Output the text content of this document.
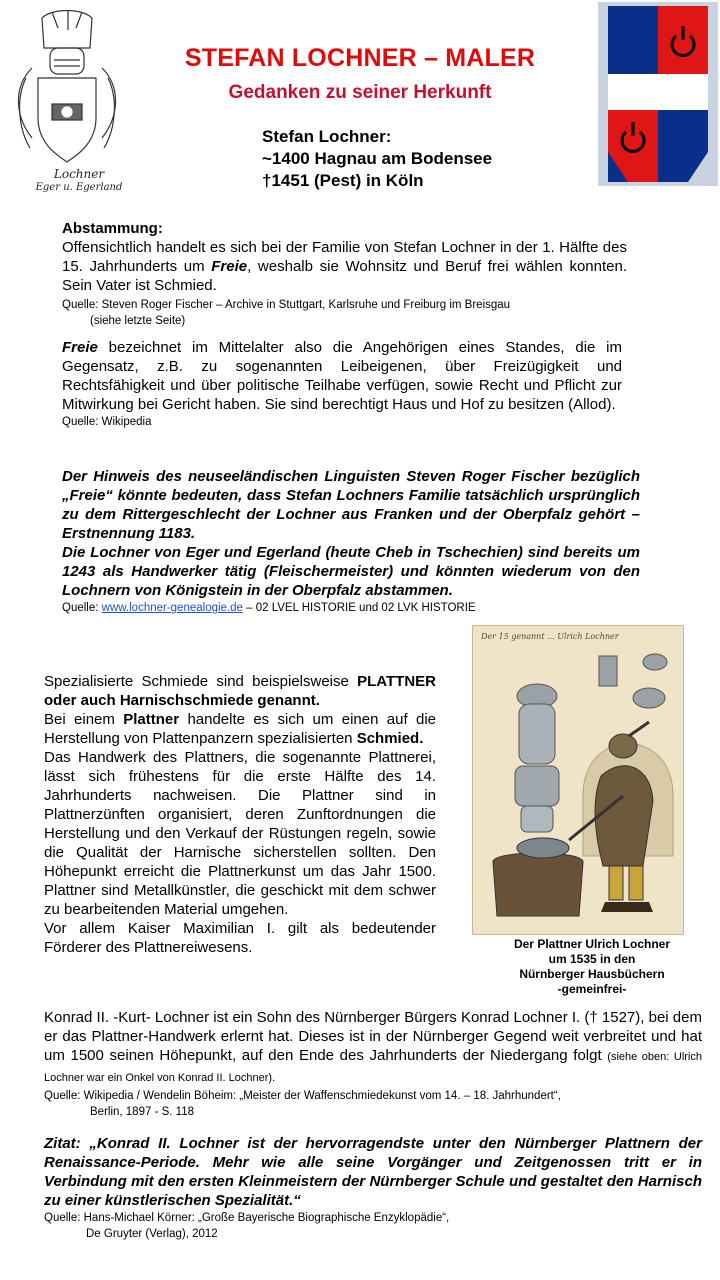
Lochner
Eger u. Egerland
STEFAN LOCHNER – MALER
Gedanken zu seiner Herkunft
Stefan Lochner:
~1400 Hagnau am Bodensee
†1451 (Pest) in Köln
Abstammung:
Offensichtlich handelt es sich bei der Familie von Stefan Lochner in der 1. Hälfte des 15. Jahrhunderts um Freie, weshalb sie Wohnsitz und Beruf frei wählen konnten. Sein Vater ist Schmied.
Quelle: Steven Roger Fischer – Archive in Stuttgart, Karlsruhe und Freiburg im Breisgau
(siehe letzte Seite)
Freie bezeichnet im Mittelalter also die Angehörigen eines Standes, die im Gegensatz, z.B. zu sogenannten Leibeigenen, über Freizügigkeit und Rechtsfähigkeit und über politische Teilhabe verfügen, sowie Recht und Pflicht zur Mitwirkung bei Gericht haben. Sie sind berechtigt Haus und Hof zu besitzen (Allod).
Quelle: Wikipedia
Der Hinweis des neuseeländischen Linguisten Steven Roger Fischer bezüglich „Freie“ könnte bedeuten, dass Stefan Lochners Familie tatsächlich ursprünglich zu dem Rittergeschlecht der Lochner aus Franken und der Oberpfalz gehört – Erstnennung 1183.
Die Lochner von Eger und Egerland (heute Cheb in Tschechien) sind bereits um 1243 als Handwerker tätig (Fleischermeister) und könnten wiederum von den Lochnern von Königstein in der Oberpfalz abstammen.
Quelle: www.lochner-genealogie.de – 02 LVEL HISTORIE und 02 LVK HISTORIE
Spezialisierte Schmiede sind beispielsweise PLATTNER oder auch Harnischschmiede genannt.
Bei einem Plattner handelte es sich um einen auf die Herstellung von Plattenpanzern spezialisierten Schmied.
Das Handwerk des Plattners, die sogenannte Plattnerei, lässt sich frühestens für die erste Hälfte des 14. Jahrhunderts nachweisen. Die Plattner sind in Plattnerzünften organisiert, deren Zunftordnungen die Herstellung und den Verkauf der Rüstungen regeln, sowie die Qualität der Harnische sicherstellen sollten. Den Höhepunkt erreicht die Plattnerkunst um das Jahr 1500. Plattner sind Metallkünstler, die geschickt mit dem schwer zu bearbeitenden Material umgehen.
Vor allem Kaiser Maximilian I. gilt als bedeutender Förderer des Plattnereiwesens.
Der 15 genannt ... Ulrich Lochner
Der Plattner Ulrich Lochner
um 1535 in den
Nürnberger Hausbüchern
-gemeinfrei-
Konrad II. -Kurt- Lochner ist ein Sohn des Nürnberger Bürgers Konrad Lochner I. († 1527), bei dem er das Plattner-Handwerk erlernt hat. Dieses ist in der Nürnberger Gegend weit verbreitet und hat um 1500 seinen Höhepunkt, auf den Ende des Jahrhunderts der Niedergang folgt (siehe oben: Ulrich Lochner war ein Onkel von Konrad II. Lochner).
Quelle: Wikipedia / Wendelin Böheim: „Meister der Waffenschmiedekunst vom 14. – 18. Jahrhundert“,
Berlin, 1897 - S. 118
Zitat: „Konrad II. Lochner ist der hervorragendste unter den Nürnberger Plattnern der Renaissance-Periode. Mehr wie alle seine Vorgänger und Zeitgenossen tritt er in Verbindung mit den ersten Kleinmeistern der Nürnberger Schule und gestaltet den Harnisch zu einer künstlerischen Spezialität.“
Quelle: Hans-Michael Körner: „Große Bayerische Biographische Enzyklopädie“,
De Gruyter (Verlag), 2012
